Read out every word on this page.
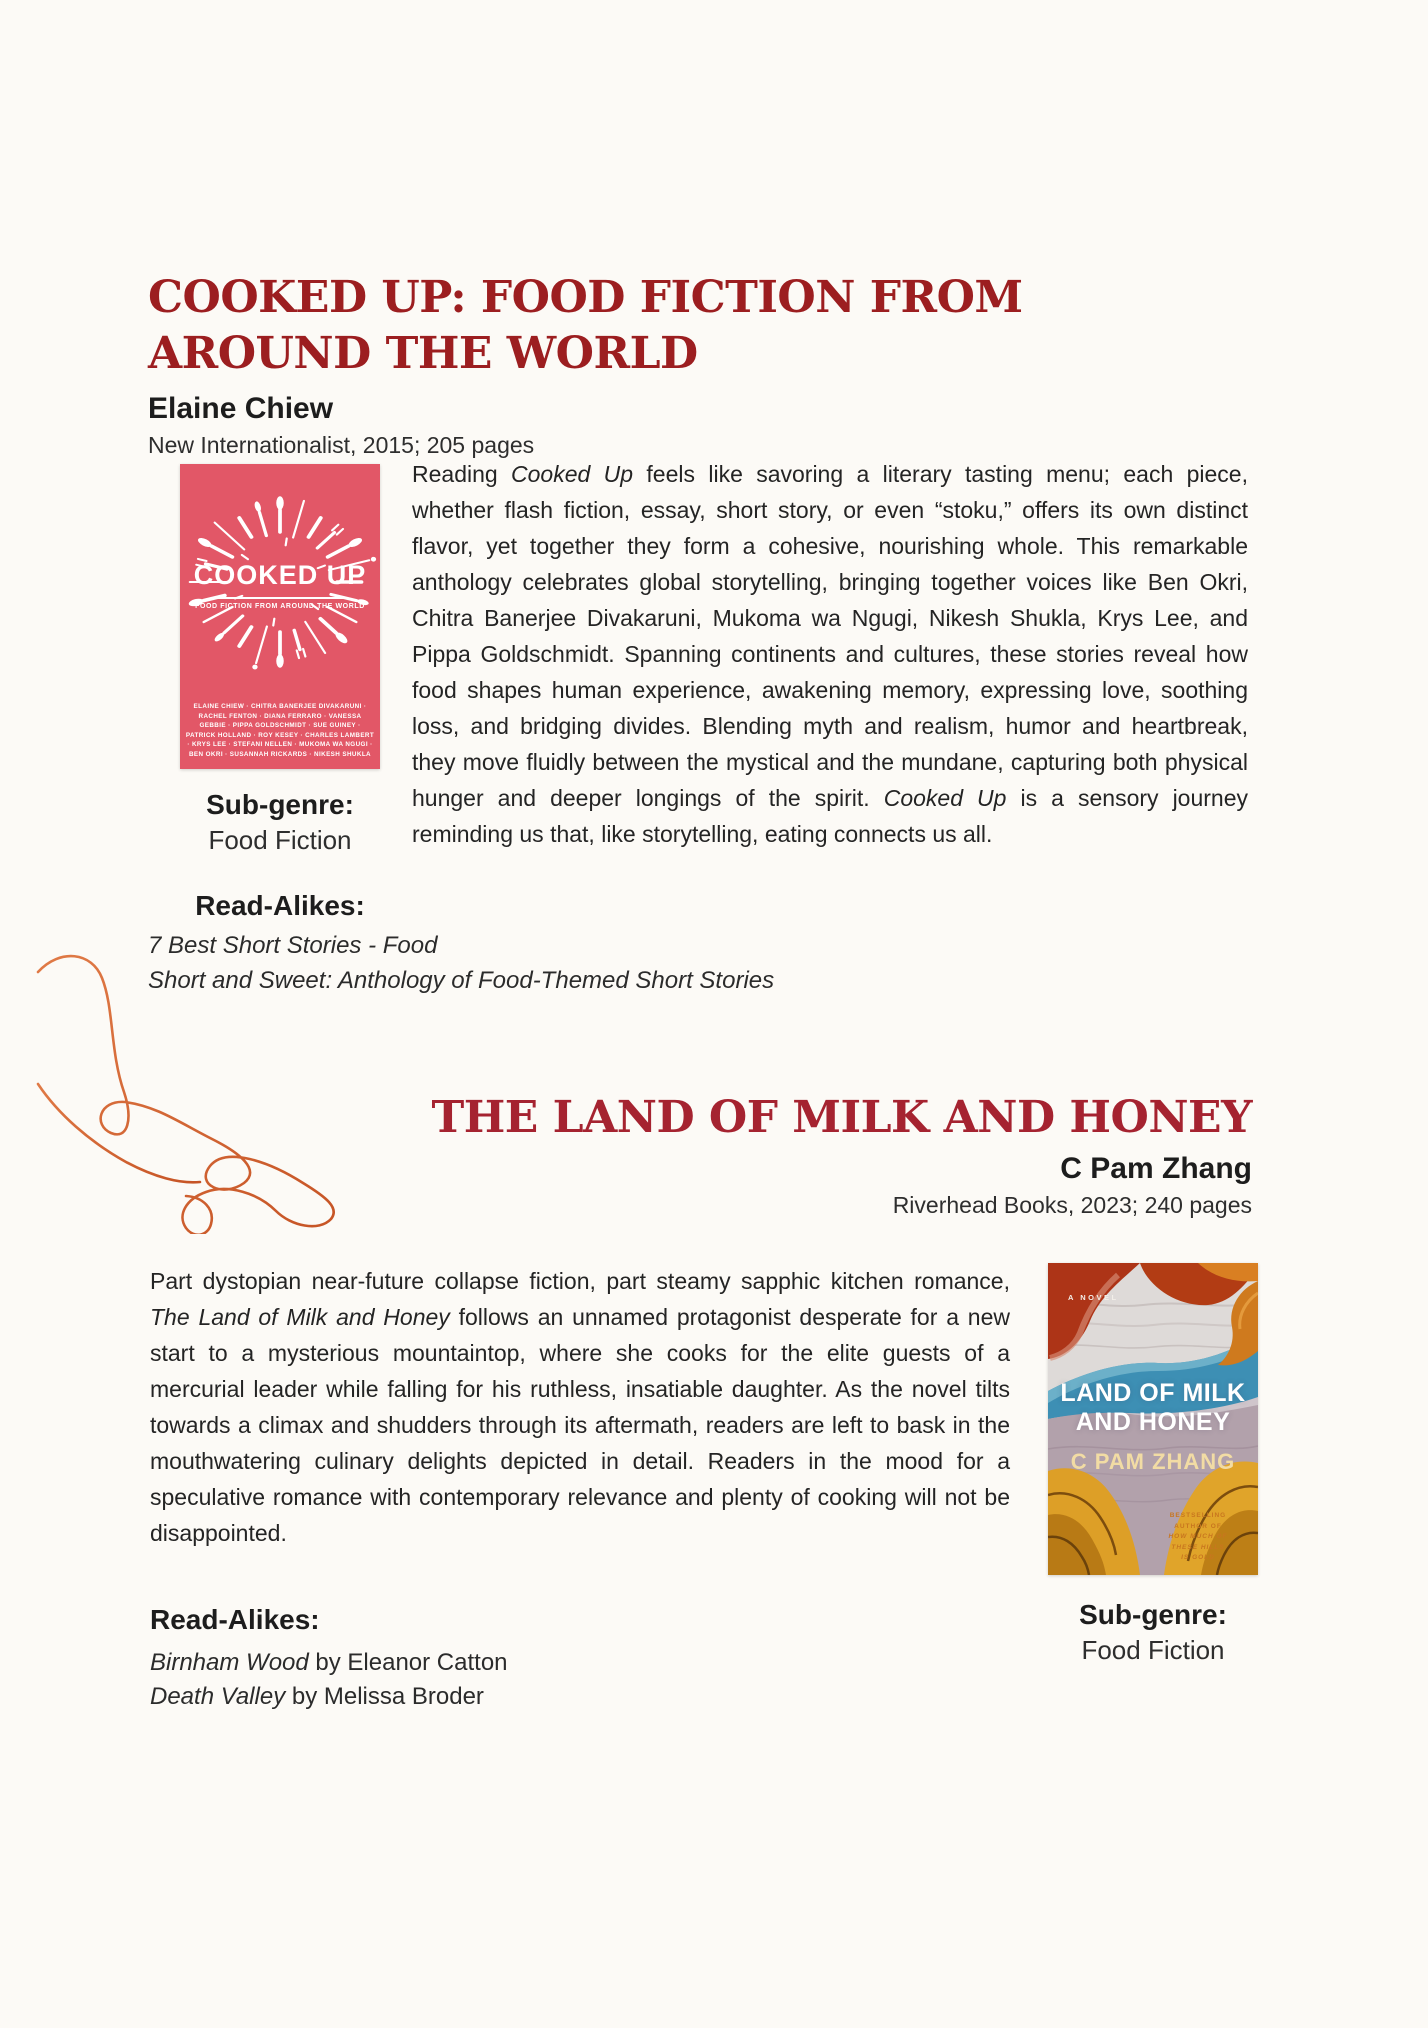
COOKED UP: FOOD FICTION FROM AROUND THE WORLD
Elaine Chiew
New Internationalist, 2015; 205 pages
COOKED UP
FOOD FICTION FROM AROUND THE WORLD
ELAINE CHIEW · CHITRA BANERJEE DIVAKARUNI ·
RACHEL FENTON · DIANA FERRARO · VANESSA
GEBBIE · PIPPA GOLDSCHMIDT · SUE GUINEY ·
PATRICK HOLLAND · ROY KESEY · CHARLES LAMBERT
· KRYS LEE · STEFANI NELLEN · MUKOMA WA NGUGI ·
BEN OKRI · SUSANNAH RICKARDS · NIKESH SHUKLA
Sub-genre:
Food Fiction
Read-Alikes:

Reading Cooked Up feels like savoring a literary tasting menu; each piece, whether flash fiction, essay, short story, or even “stoku,” offers its own distinct flavor, yet together they form a cohesive, nourishing whole. This remarkable anthology celebrates global storytelling, bringing together voices like Ben Okri, Chitra Banerjee Divakaruni, Mukoma wa Ngugi, Nikesh Shukla, Krys Lee, and Pippa Goldschmidt. Spanning continents and cultures, these stories reveal how food shapes human experience, awakening memory, expressing love, soothing loss, and bridging divides. Blending myth and realism, humor and heartbreak, they move fluidly between the mystical and the mundane, capturing both physical hunger and deeper longings of the spirit. Cooked Up is a sensory journey reminding us that, like storytelling, eating connects us all.

7 Best Short Stories - Food
Short and Sweet: Anthology of Food-Themed Short Stories
THE LAND OF MILK AND HONEY
C Pam Zhang
Riverhead Books, 2023; 240 pages

Part dystopian near-future collapse fiction, part steamy sapphic kitchen romance, The Land of Milk and Honey follows an unnamed protagonist desperate for a new start to a mysterious mountaintop, where she cooks for the elite guests of a mercurial leader while falling for his ruthless, insatiable daughter. As the novel tilts towards a climax and shudders through its aftermath, readers are left to bask in the mouthwatering culinary delights depicted in detail. Readers in the mood for a speculative romance with contemporary relevance and plenty of cooking will not be disappointed.

A NOVEL
LAND OF MILK
AND HONEY
C PAM ZHANG
BESTSELLING
AUTHOR OF
HOW MUCH OF
THESE HILLS
IS GOLD
Sub-genre:
Food Fiction
Read-Alikes:
Birnham Wood by Eleanor Catton
Death Valley by Melissa Broder
